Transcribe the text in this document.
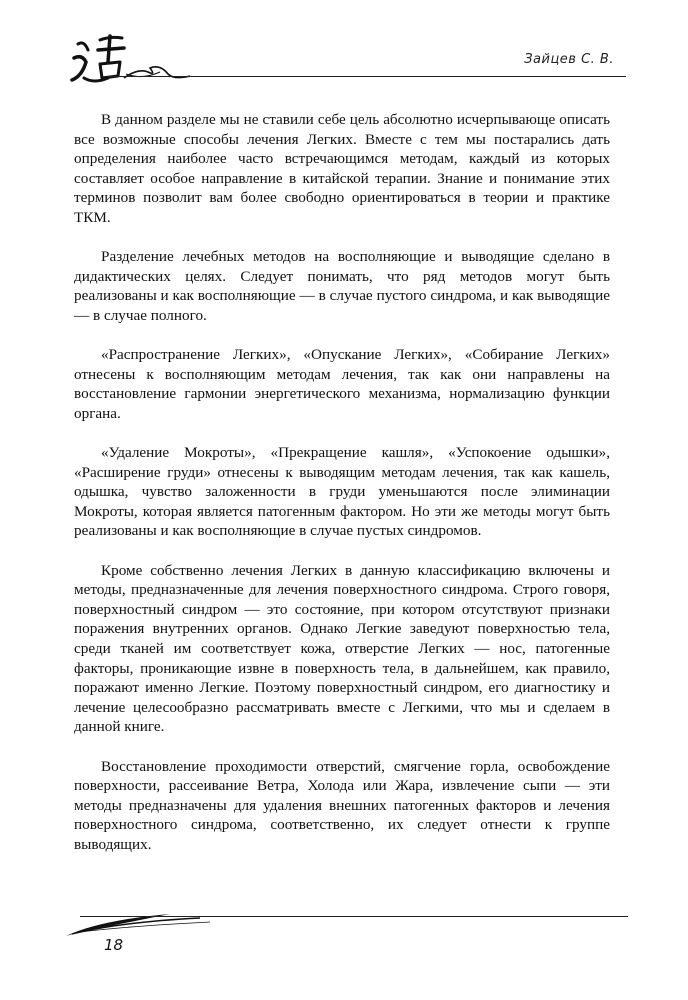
Зайцев С. В.

В данном разделе мы не ставили себе цель абсолютно исчерпывающе описать все возможные способы лечения Легких. Вместе с тем мы постарались дать определения наиболее часто встречающимся методам, каждый из которых составляет особое направление в китайской терапии. Знание и понимание этих терминов позволит вам более свободно ориентироваться в теории и практике ТКМ.

Разделение лечебных методов на восполняющие и выводящие сделано в дидактических целях. Следует понимать, что ряд методов могут быть реализованы и как восполняющие — в случае пустого синдрома, и как выводящие — в случае полного.

«Распространение Легких», «Опускание Легких», «Собирание Легких» отнесены к восполняющим методам лечения, так как они направлены на восстановление гармонии энергетического механизма, нормализацию функции органа.

«Удаление Мокроты», «Прекращение кашля», «Успокоение одышки», «Расширение груди» отнесены к выводящим методам лечения, так как кашель, одышка, чувство заложенности в груди уменьшаются после элиминации Мокроты, которая является патогенным фактором. Но эти же методы могут быть реализованы и как восполняющие в случае пустых синдромов.

Кроме собственно лечения Легких в данную классификацию включены и методы, предназначенные для лечения поверхностного синдрома. Строго говоря, поверхностный синдром — это состояние, при котором отсутствуют признаки поражения внутренних органов. Однако Легкие заведуют поверхностью тела, среди тканей им соответствует кожа, отверстие Легких — нос, патогенные факторы, проникающие извне в поверхность тела, в дальнейшем, как правило, поражают именно Легкие. Поэтому поверхностный синдром, его диагностику и лечение целесообразно рассматривать вместе с Легкими, что мы и сделаем в данной книге.

Восстановление проходимости отверстий, смягчение горла, освобождение поверхности, рассеивание Ветра, Холода или Жара, извлечение сыпи — эти методы предназначены для удаления внешних патогенных факторов и лечения поверхностного синдрома, соответственно, их следует отнести к группе выводящих.

18
